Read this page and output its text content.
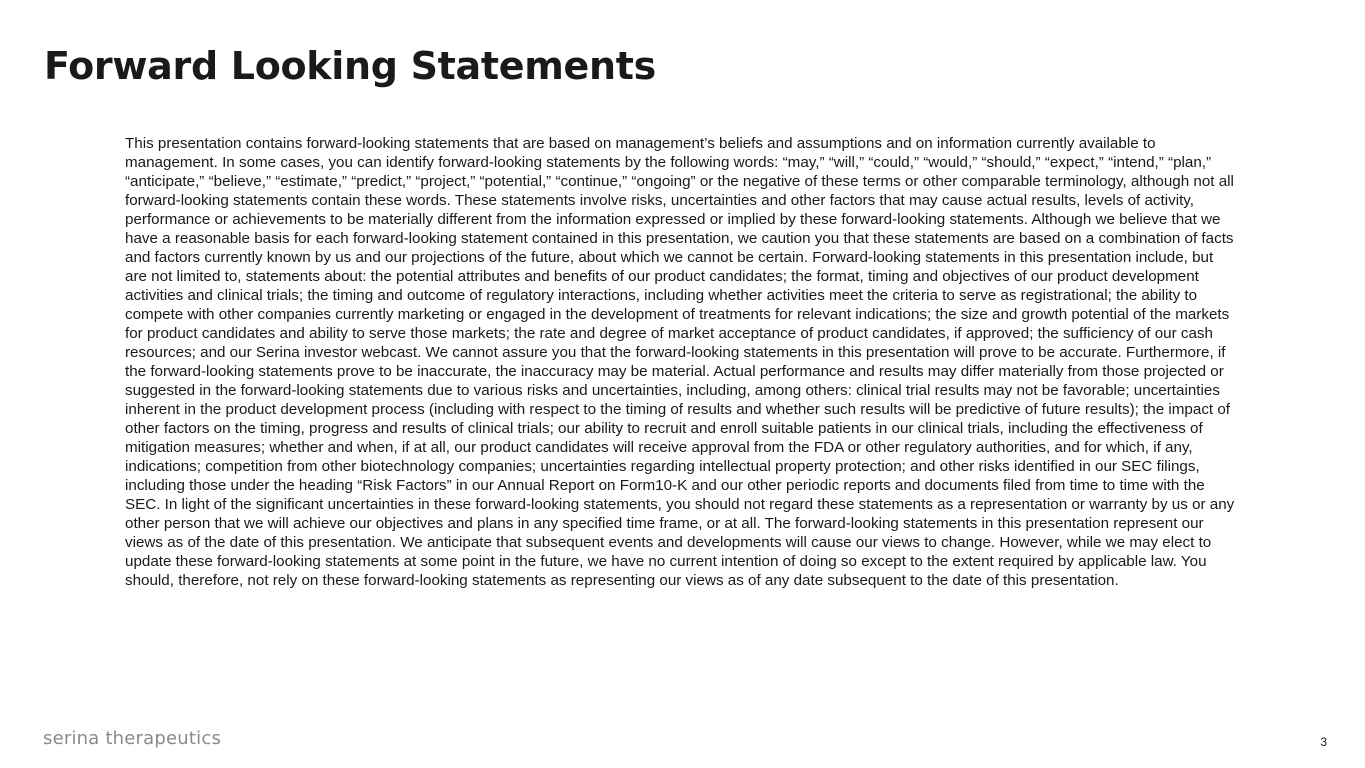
Forward Looking Statements

This presentation contains forward-looking statements that are based on management’s beliefs and assumptions and on information currently available to management. In some cases, you can identify forward-looking statements by the following words: “may,” “will,” “could,” “would,” “should,” “expect,” “intend,” “plan,” “anticipate,” “believe,” “estimate,” “predict,” “project,” “potential,” “continue,” “ongoing” or the negative of these terms or other comparable terminology, although not all forward-looking statements contain these words. These statements involve risks, uncertainties and other factors that may cause actual results, levels of activity, performance or achievements to be materially different from the information expressed or implied by these forward-looking statements. Although we believe that we have a reasonable basis for each forward-looking statement contained in this presentation, we caution you that these statements are based on a combination of facts and factors currently known by us and our projections of the future, about which we cannot be certain. Forward-looking statements in this presentation include, but are not limited to, statements about: the potential attributes and benefits of our product candidates; the format, timing and objectives of our product development activities and clinical trials; the timing and outcome of regulatory interactions, including whether activities meet the criteria to serve as registrational; the ability to compete with other companies currently marketing or engaged in the development of treatments for relevant indications; the size and growth potential of the markets for product candidates and ability to serve those markets; the rate and degree of market acceptance of product candidates, if approved; the sufficiency of our cash resources; and our Serina investor webcast. We cannot assure you that the forward-looking statements in this presentation will prove to be accurate. Furthermore, if the forward-looking statements prove to be inaccurate, the inaccuracy may be material. Actual performance and results may differ materially from those projected or suggested in the forward-looking statements due to various risks and uncertainties, including, among others: clinical trial results may not be favorable; uncertainties inherent in the product development process (including with respect to the timing of results and whether such results will be predictive of future results); the impact of other factors on the timing, progress and results of clinical trials; our ability to recruit and enroll suitable patients in our clinical trials, including the effectiveness of mitigation measures; whether and when, if at all, our product candidates will receive approval from the FDA or other regulatory authorities, and for which, if any, indications; competition from other biotechnology companies; uncertainties regarding intellectual property protection; and other risks identified in our SEC filings, including those under the heading “Risk Factors” in our Annual Report on Form10-K and our other periodic reports and documents filed from time to time with the SEC. In light of the significant uncertainties in these forward-looking statements, you should not regard these statements as a representation or warranty by us or any other person that we will achieve our objectives and plans in any specified time frame, or at all. The forward-looking statements in this presentation represent our views as of the date of this presentation. We anticipate that subsequent events and developments will cause our views to change. However, while we may elect to update these forward-looking statements at some point in the future, we have no current intention of doing so except to the extent required by applicable law. You should, therefore, not rely on these forward-looking statements as representing our views as of any date subsequent to the date of this presentation.

serina therapeutics	3
